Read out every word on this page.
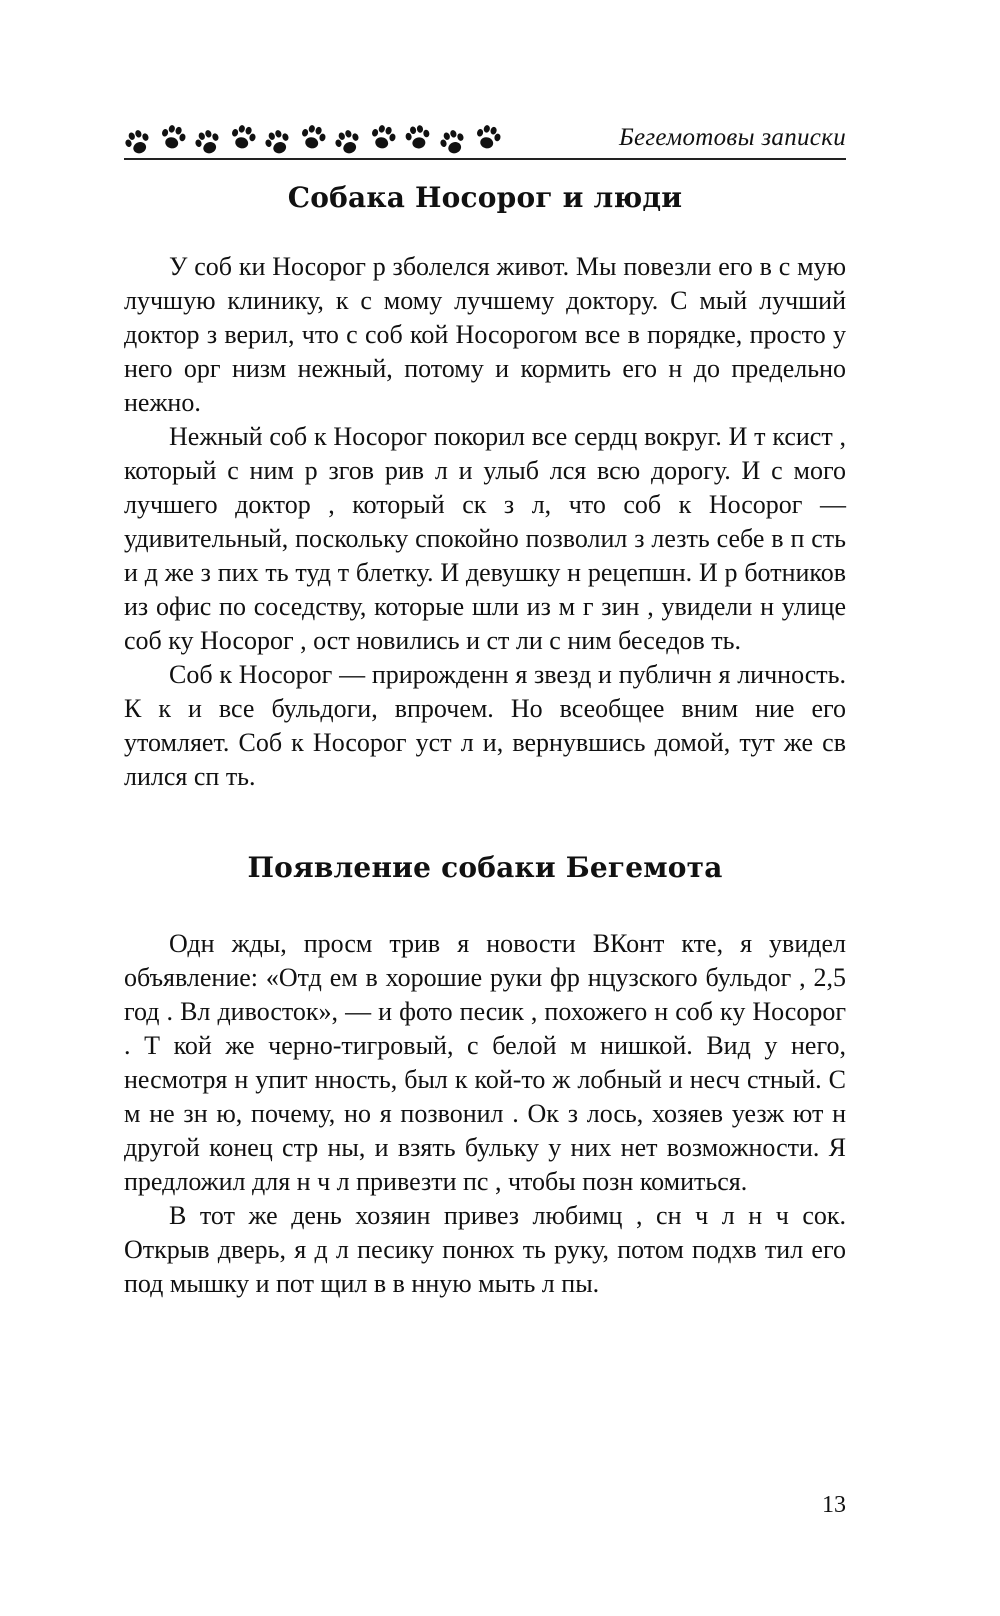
Бегемотовы записки
Собака Носорог и люди

У соб ки Носорог р зболелся живот. Мы повезли его в с мую лучшую клинику, к с мому лучшему доктору. С мый лучший доктор з верил, что с соб кой Носорогом все в порядке, просто у него орг низм нежный, потому и кормить его н до предельно нежно.

Нежный соб к Носорог покорил все сердц вокруг. И т ксист , который с ним р згов рив л и улыб лся всю дорогу. И с мого лучшего доктор , который ск з л, что соб к Носорог — удивительный, поскольку спокойно позволил з лезть себе в п сть и д же з пих ть туд т блетку. И девушку н рецепшн. И р ботников из офис по соседству, которые шли из м г зин , увидели н улице соб ку Носорог , ост новились и ст ли с ним беседов ть.

Соб к Носорог — прирожденн я звезд и публичн я личность. К к и все бульдоги, впрочем. Но всеобщее вним ние его утомляет. Соб к Носорог уст л и, вернувшись домой, тут же св лился сп ть.

Появление собаки Бегемота

Одн жды, просм трив я новости ВКонт кте, я увидел объявление: «Отд ем в хорошие руки фр нцузского бульдог , 2,5 год . Вл дивосток», — и фото песик , похожего н соб ку Носорог . Т кой же черно-тигровый, с белой м нишкой. Вид у него, несмотря н упит нность, был к кой-то ж лобный и несч стный. С м не зн ю, почему, но я позвонил . Ок з лось, хозяев уезж ют н другой конец стр ны, и взять бульку у них нет возможности. Я предложил для н ч л привезти пс , чтобы позн комиться.

В тот же день хозяин привез любимц , сн ч л н ч сок. Открыв дверь, я д л песику понюх ть руку, потом подхв тил его под мышку и пот щил в в нную мыть л пы.

13
